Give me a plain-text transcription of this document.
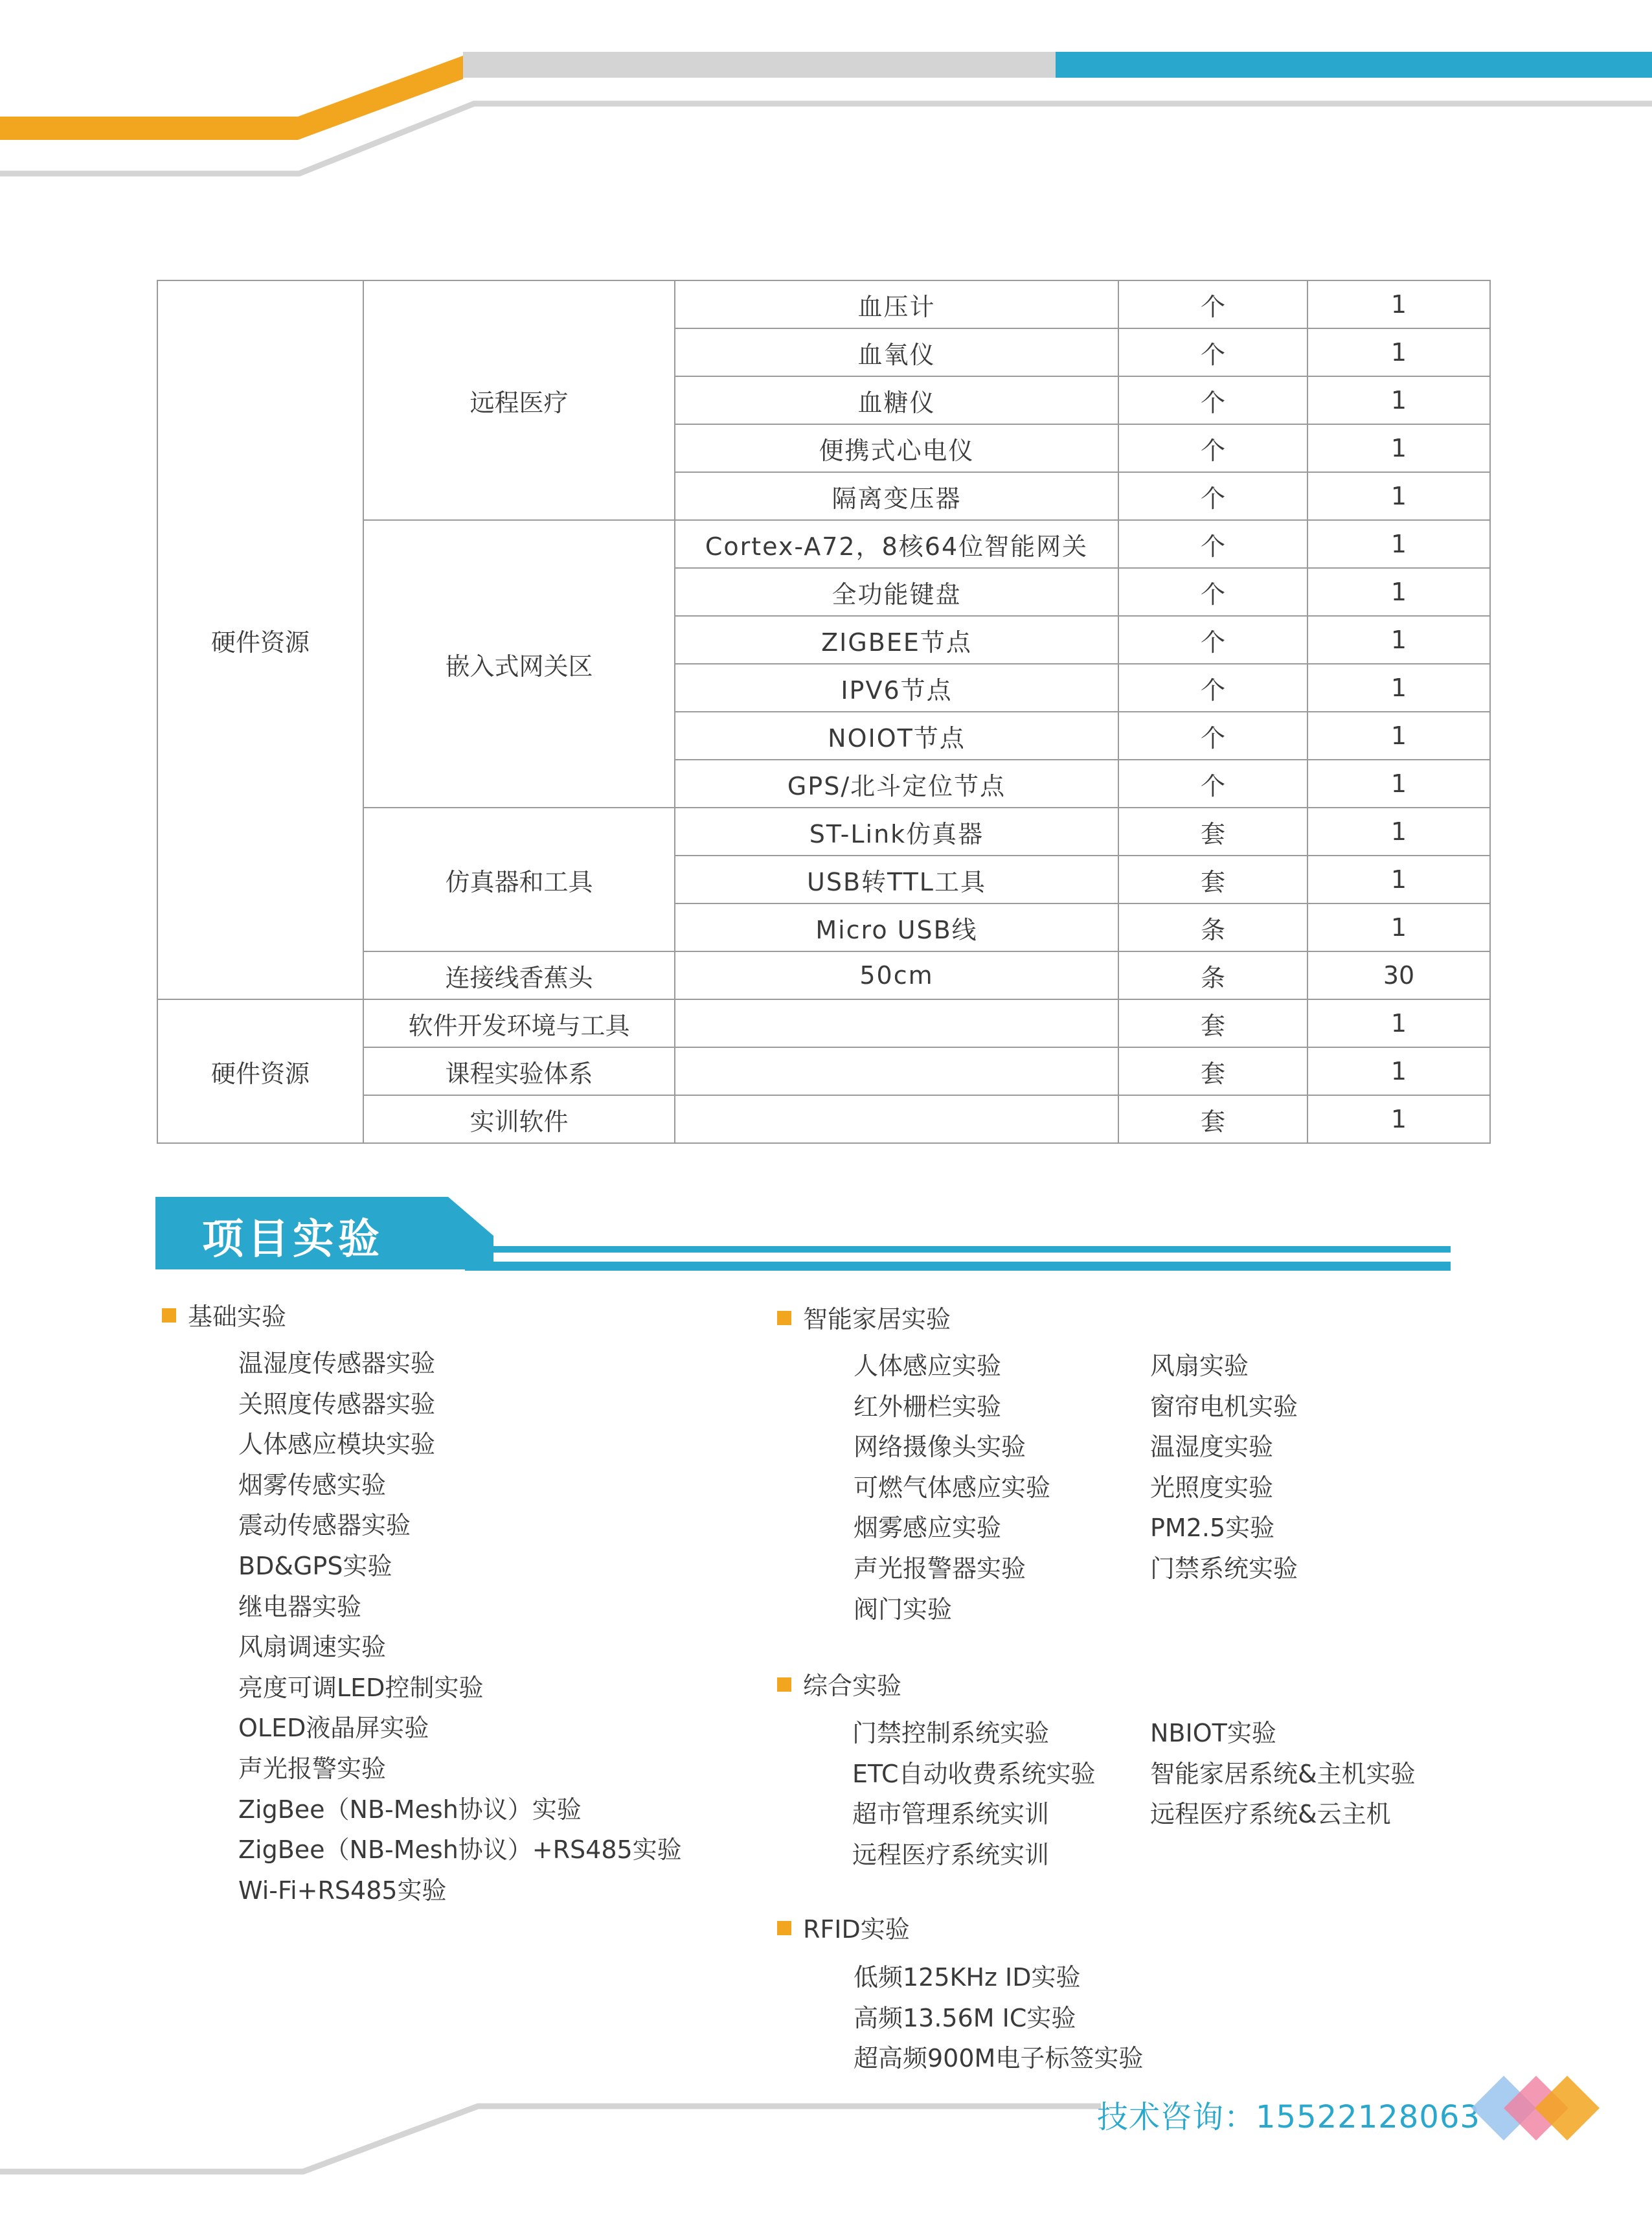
硬件资源	远程医疗	血压计	个	1
		血氧仪	个	1
		血糖仪	个	1
		便携式心电仪	个	1
		隔离变压器	个	1
	嵌入式网关区	Cortex-A72，8核64位智能网关	个	1
		全功能键盘	个	1
		ZIGBEE节点	个	1
		IPV6节点	个	1
		NOIOT节点	个	1
		GPS/北斗定位节点	个	1
	仿真器和工具	ST-Link仿真器	套	1
		USB转TTL工具	套	1
		Micro USB线	条	1
	连接线香蕉头	50cm	条	30
硬件资源	软件开发环境与工具		套	1
	课程实验体系		套	1
	实训软件		套	1
项目实验
基础实验
温湿度传感器实验
关照度传感器实验
人体感应模块实验
烟雾传感实验
震动传感器实验
BD&GPS实验
继电器实验
风扇调速实验
亮度可调LED控制实验
OLED液晶屏实验
声光报警实验
ZigBee（NB-Mesh协议）实验
ZigBee（NB-Mesh协议）+RS485实验
Wi-Fi+RS485实验
智能家居实验
人体感应实验
红外栅栏实验
网络摄像头实验
可燃气体感应实验
烟雾感应实验
声光报警器实验
阀门实验
风扇实验
窗帘电机实验
温湿度实验
光照度实验
PM2.5实验
门禁系统实验
综合实验
门禁控制系统实验
ETC自动收费系统实验
超市管理系统实训
远程医疗系统实训
NBIOT实验
智能家居系统&主机实验
远程医疗系统&云主机
RFID实验
低频125KHz ID实验
高频13.56M IC实验
超高频900M电子标签实验
技术咨询：15522128063
